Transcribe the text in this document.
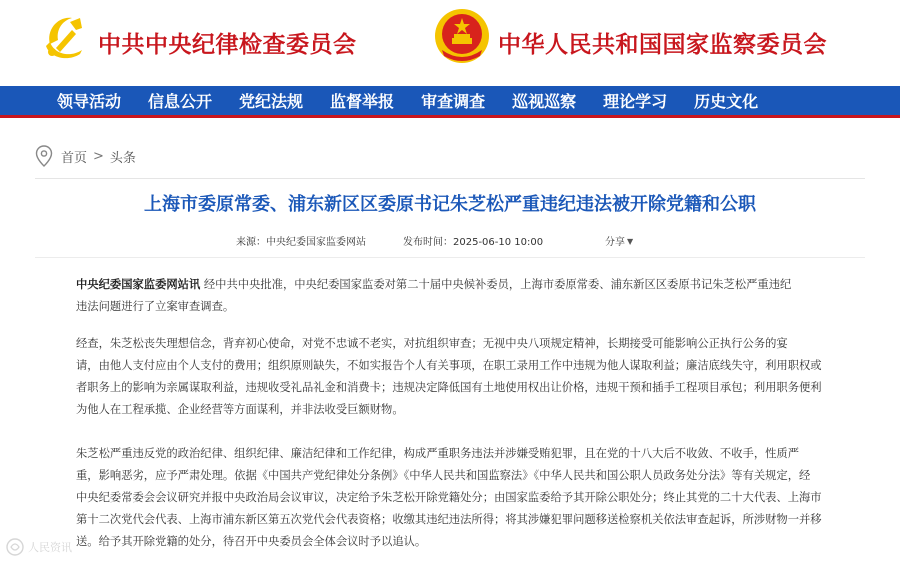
中共中央纪律检查委员会	中华人民共和国国家监察委员会
领导活动 信息公开 党纪法规 监督举报 审查调查 巡视巡察 理论学习 历史文化
首页 > 头条
上海市委原常委、浦东新区区委原书记朱芝松严重违纪违法被开除党籍和公职
来源：中央纪委国家监委网站	发布时间：2025-06-10 10:00	分享 ▼
中央纪委国家监委网站讯 经中共中央批准，中央纪委国家监委对第二十届中央候补委员，上海市委原常委、浦东新区区委原书记朱芝松严重违纪
违法问题进行了立案审查调查。
经查，朱芝松丧失理想信念，背弃初心使命，对党不忠诚不老实，对抗组织审查；无视中央八项规定精神，长期接受可能影响公正执行公务的宴
请，由他人支付应由个人支付的费用；组织原则缺失，不如实报告个人有关事项，在职工录用工作中违规为他人谋取利益；廉洁底线失守，利用职权或
者职务上的影响为亲属谋取利益，违规收受礼品礼金和消费卡；违规决定降低国有土地使用权出让价格，违规干预和插手工程项目承包；利用职务便利
为他人在工程承揽、企业经营等方面谋利，并非法收受巨额财物。
朱芝松严重违反党的政治纪律、组织纪律、廉洁纪律和工作纪律，构成严重职务违法并涉嫌受贿犯罪，且在党的十八大后不收敛、不收手，性质严
重，影响恶劣，应予严肃处理。依据《中国共产党纪律处分条例》《中华人民共和国监察法》《中华人民共和国公职人员政务处分法》等有关规定，经
中央纪委常委会会议研究并报中央政治局会议审议，决定给予朱芝松开除党籍处分；由国家监委给予其开除公职处分；终止其党的二十大代表、上海市
第十二次党代会代表、上海市浦东新区第五次党代会代表资格；收缴其违纪违法所得；将其涉嫌犯罪问题移送检察机关依法审查起诉，所涉财物一并移
送。给予其开除党籍的处分，待召开中央委员会全体会议时予以追认。
人民资讯
